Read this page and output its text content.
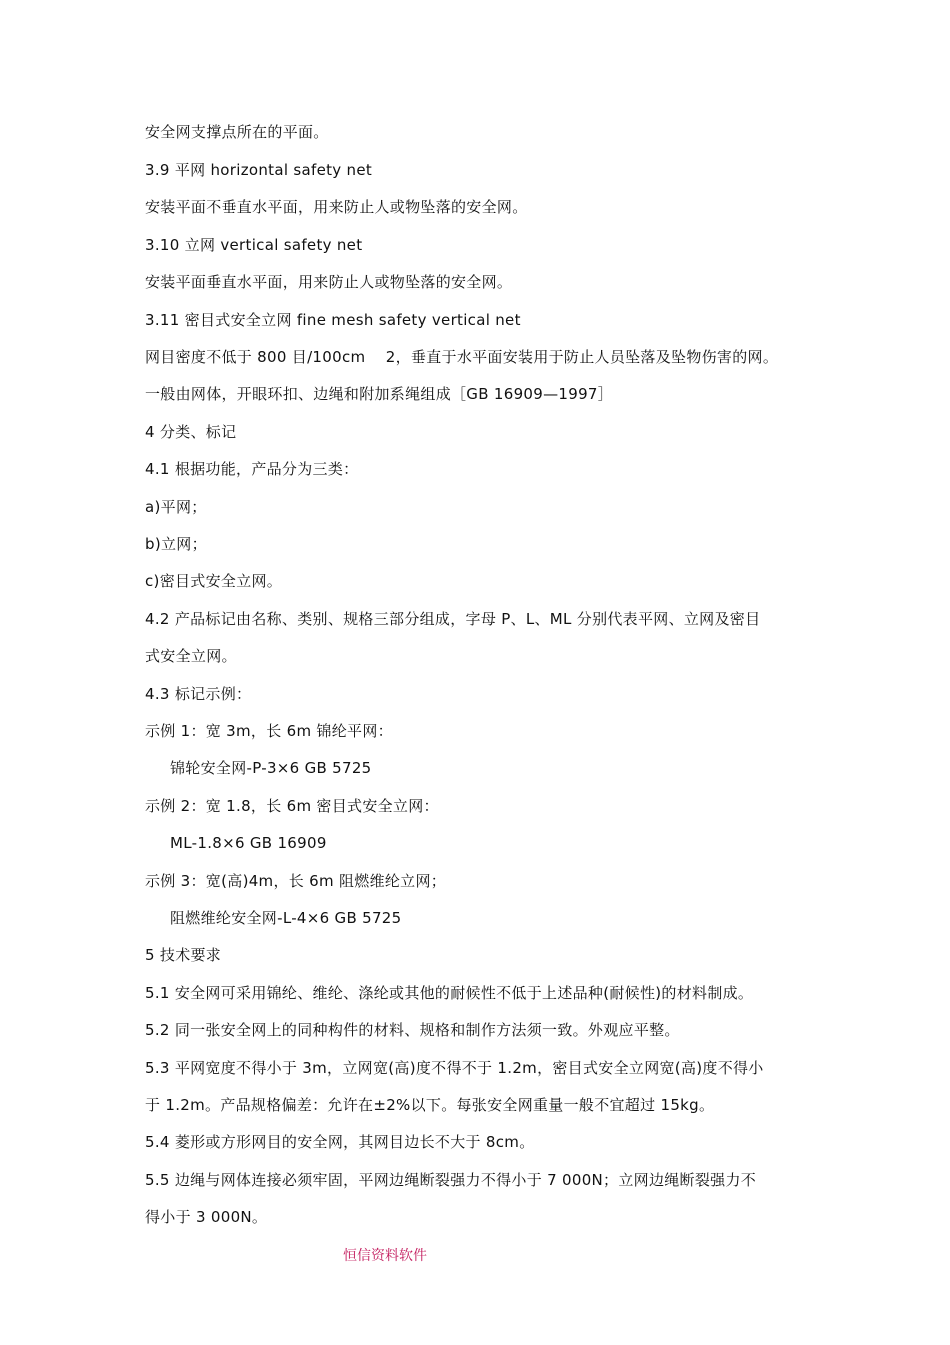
安全网支撑点所在的平面。

3.9 平网 horizontal safety net

安装平面不垂直水平面，用来防止人或物坠落的安全网。

3.10 立网 vertical safety net

安装平面垂直水平面，用来防止人或物坠落的安全网。

3.11 密目式安全立网 fine mesh safety vertical net

网目密度不低于 800 目/100cm　 2，垂直于水平面安装用于防止人员坠落及坠物伤害的网。

一般由网体，开眼环扣、边绳和附加系绳组成［GB 16909—1997］

4 分类、标记

4.1 根据功能，产品分为三类：

a)平网；

b)立网；

c)密目式安全立网。

4.2 产品标记由名称、类别、规格三部分组成，字母 P、L、ML 分别代表平网、立网及密目

式安全立网。

4.3 标记示例：

示例 1：宽 3m，长 6m 锦纶平网：

锦轮安全网-P-3×6 GB 5725

示例 2：宽 1.8，长 6m 密目式安全立网：

ML-1.8×6 GB 16909

示例 3：宽(高)4m，长 6m 阻燃维纶立网；

阻燃维纶安全网-L-4×6 GB 5725

5 技术要求

5.1 安全网可采用锦纶、维纶、涤纶或其他的耐候性不低于上述品种(耐候性)的材料制成。

5.2 同一张安全网上的同种构件的材料、规格和制作方法须一致。外观应平整。

5.3 平网宽度不得小于 3m，立网宽(高)度不得不于 1.2m，密目式安全立网宽(高)度不得小

于 1.2m。产品规格偏差：允许在±2%以下。每张安全网重量一般不宜超过 15kg。

5.4 菱形或方形网目的安全网，其网目边长不大于 8cm。

5.5 边绳与网体连接必须牢固，平网边绳断裂强力不得小于 7 000N；立网边绳断裂强力不

得小于 3 000N。

恒信资料软件
